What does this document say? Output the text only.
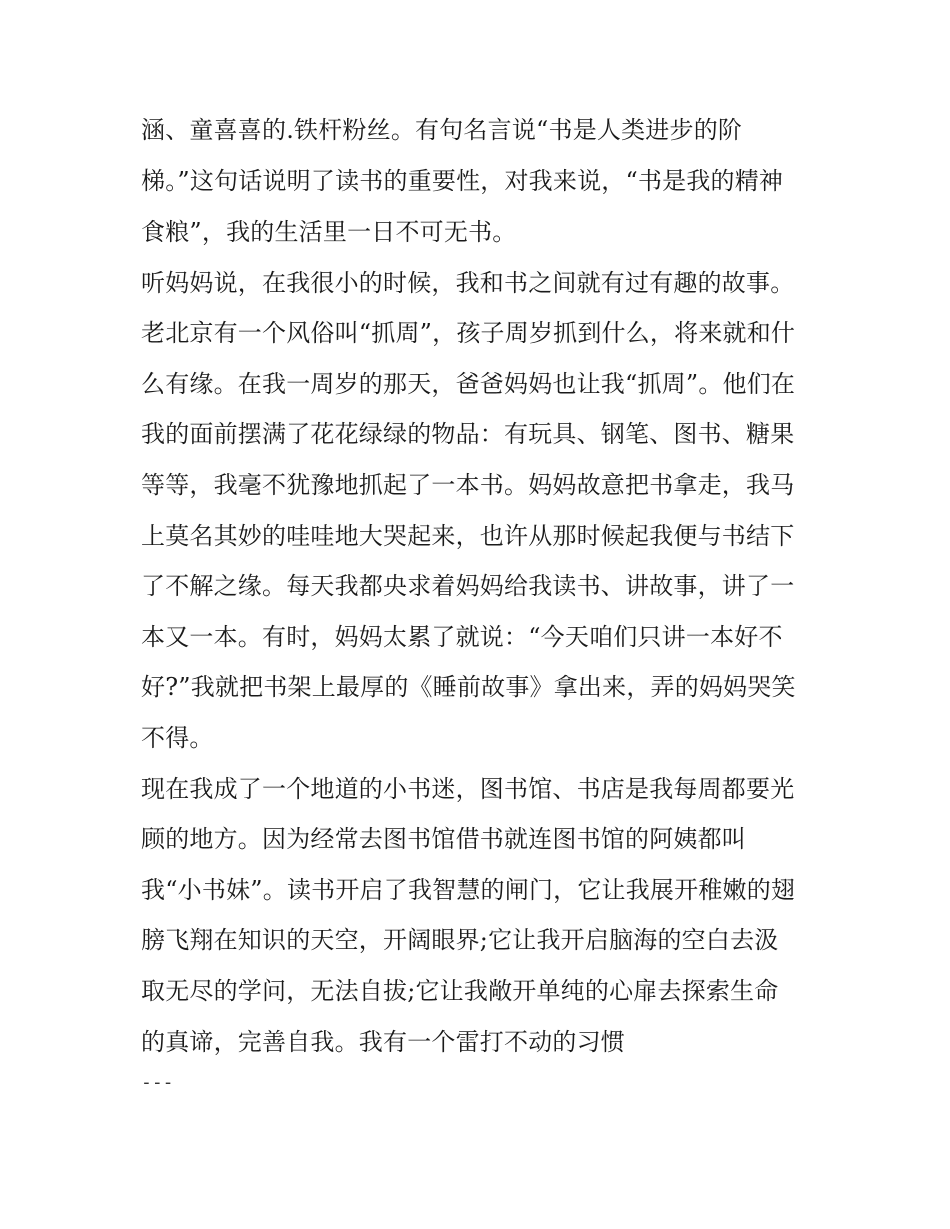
涵、童喜喜的.铁杆粉丝。有句名言说“书是人类进步的阶
梯。”这句话说明了读书的重要性，对我来说，“书是我的精神
食粮”，我的生活里一日不可无书。
听妈妈说，在我很小的时候，我和书之间就有过有趣的故事。
老北京有一个风俗叫“抓周”，孩子周岁抓到什么，将来就和什
么有缘。在我一周岁的那天，爸爸妈妈也让我“抓周”。他们在
我的面前摆满了花花绿绿的物品：有玩具、钢笔、图书、糖果
等等，我毫不犹豫地抓起了一本书。妈妈故意把书拿走，我马
上莫名其妙的哇哇地大哭起来，也许从那时候起我便与书结下
了不解之缘。每天我都央求着妈妈给我读书、讲故事，讲了一
本又一本。有时，妈妈太累了就说：“今天咱们只讲一本好不
好?”我就把书架上最厚的《睡前故事》拿出来，弄的妈妈哭笑
不得。
现在我成了一个地道的小书迷，图书馆、书店是我每周都要光
顾的地方。因为经常去图书馆借书就连图书馆的阿姨都叫
我“小书妹”。读书开启了我智慧的闸门，它让我展开稚嫩的翅
膀飞翔在知识的天空，开阔眼界;它让我开启脑海的空白去汲
取无尽的学问，无法自拔;它让我敞开单纯的心扉去探索生命
的真谛，完善自我。我有一个雷打不动的习惯
---
